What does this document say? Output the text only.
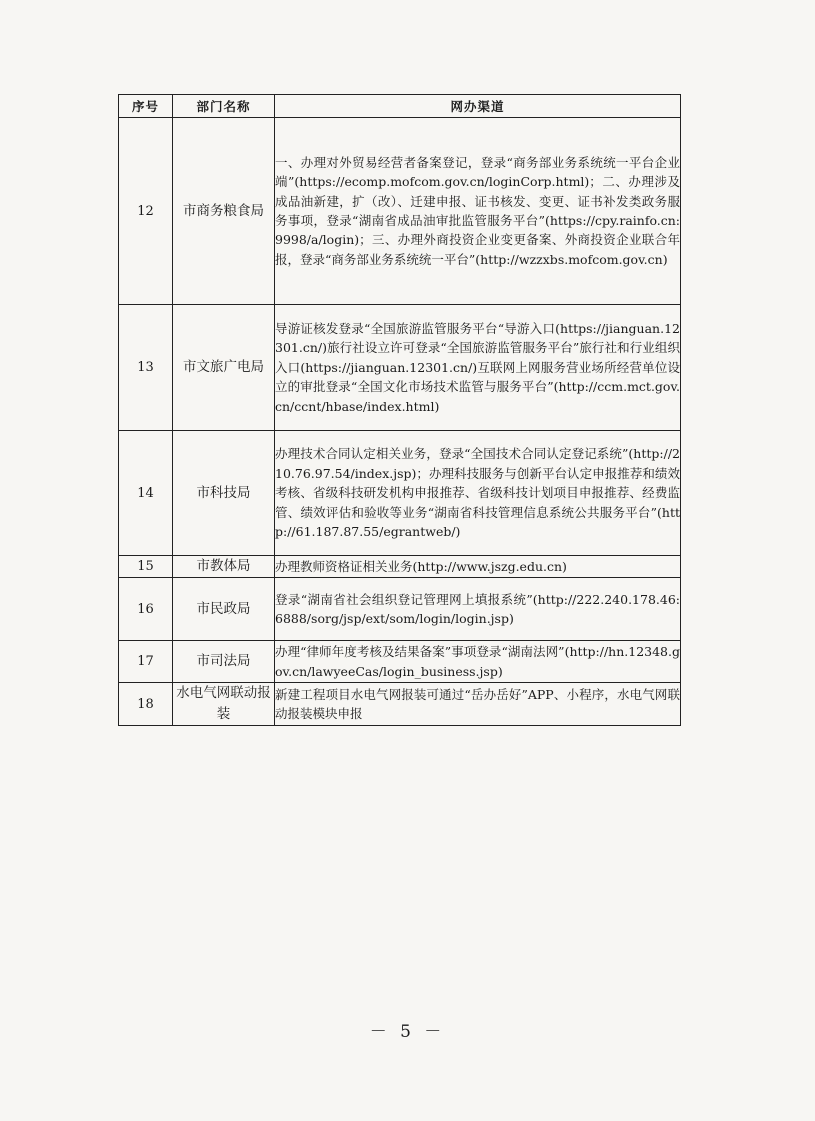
序号	部门名称	网办渠道
12	市商务粮食局	一、办理对外贸易经营者备案登记，登录“商务部业务系统统一平台企业端”(https://ecomp.mofcom.gov.cn/loginCorp.html)；二、办理涉及成品油新建，扩（改）、迁建申报、证书核发、变更、证书补发类政务服务事项，登录“湖南省成品油审批监管服务平台”(https://cpy.rainfo.cn:9998/a/login)；三、办理外商投资企业变更备案、外商投资企业联合年报，登录“商务部业务系统统一平台”(http://wzzxbs.mofcom.gov.cn)
13	市文旅广电局	导游证核发登录“全国旅游监管服务平台“导游入口(https://jianguan.12301.cn/)旅行社设立许可登录“全国旅游监管服务平台”旅行社和行业组织入口(https://jianguan.12301.cn/)互联网上网服务营业场所经营单位设立的审批登录“全国文化市场技术监管与服务平台”(http://ccm.mct.gov.cn/ccnt/hbase/index.html)
14	市科技局	办理技术合同认定相关业务，登录“全国技术合同认定登记系统”(http://210.76.97.54/index.jsp)；办理科技服务与创新平台认定申报推荐和绩效考核、省级科技研发机构申报推荐、省级科技计划项目申报推荐、经费监管、绩效评估和验收等业务“湖南省科技管理信息系统公共服务平台”(http://61.187.87.55/egrantweb/)
15	市教体局	办理教师资格证相关业务(http://www.jszg.edu.cn)
16	市民政局	登录“湖南省社会组织登记管理网上填报系统”(http://222.240.178.46:6888/sorg/jsp/ext/som/login/login.jsp)
17	市司法局	办理“律师年度考核及结果备案”事项登录“湖南法网”(http://hn.12348.gov.cn/lawyeeCas/login_business.jsp)
18	水电气网联动报装	新建工程项目水电气网报装可通过“岳办岳好”APP、小程序，水电气网联动报装模块申报
－ 5 －
